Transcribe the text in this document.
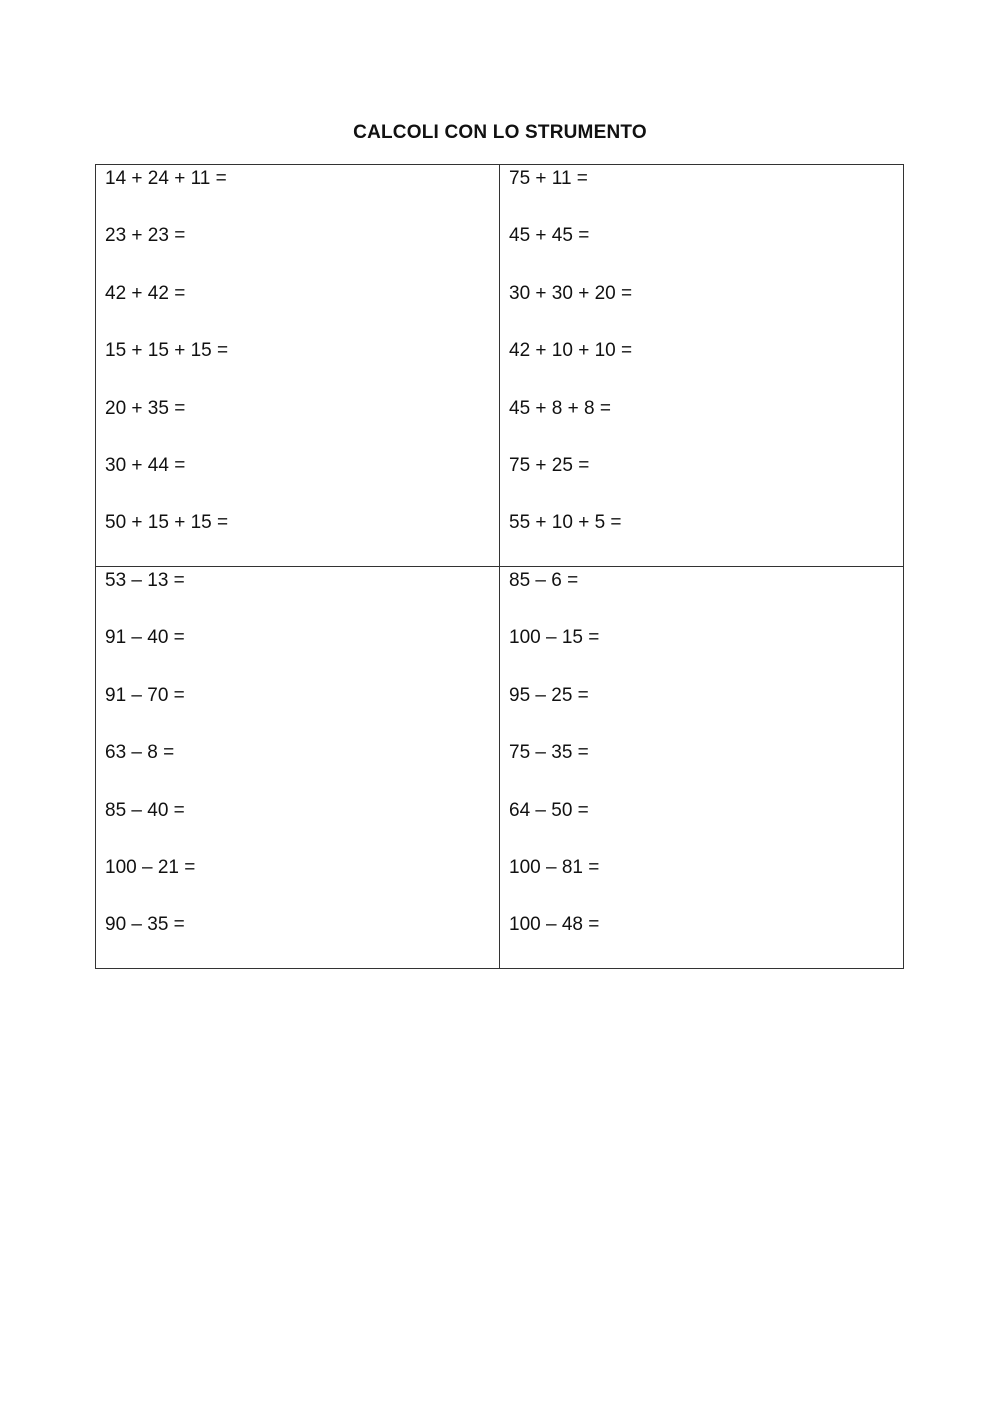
CALCOLI CON LO STRUMENTO
14 + 24 + 11 =
23 + 23 =
42 + 42 =
15 + 15 + 15 =
20 + 35 =
30 + 44 =
50 + 15 + 15 =
75 + 11 =
45 + 45 =
30 + 30 + 20 =
42 + 10 + 10 =
45 + 8 + 8 =
75 + 25 =
55 + 10 + 5 =
53 – 13 =
91 – 40 =
91 – 70 =
63 – 8 =
85 – 40 =
100 – 21 =
90 – 35 =
85 – 6 =
100 – 15 =
95 – 25 =
75 – 35 =
64 – 50 =
100 – 81 =
100 – 48 =
